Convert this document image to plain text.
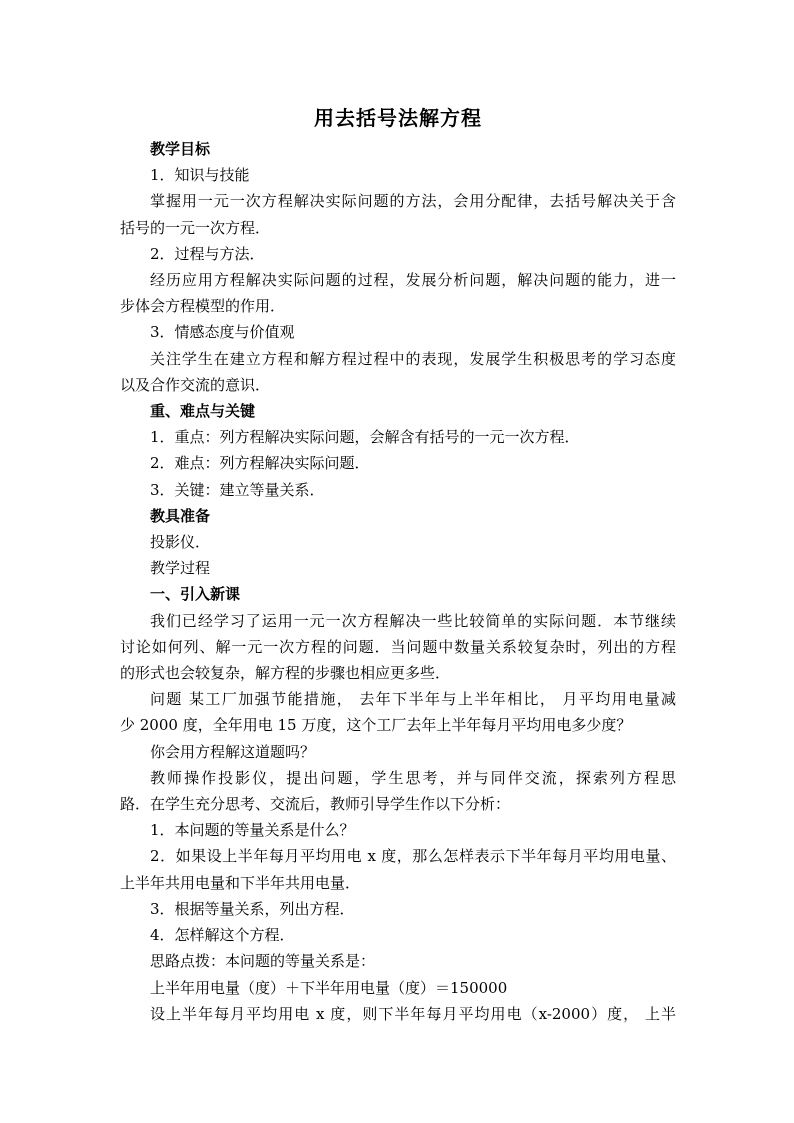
用去括号法解方程

教学目标

1．知识与技能

掌握用一元一次方程解决实际问题的方法，会用分配律，去括号解决关于含

括号的一元一次方程．

2．过程与方法．

经历应用方程解决实际问题的过程，发展分析问题，解决问题的能力，进一

步体会方程模型的作用．

3．情感态度与价值观

关注学生在建立方程和解方程过程中的表现，发展学生积极思考的学习态度

以及合作交流的意识．

重、难点与关键

1．重点：列方程解决实际问题，会解含有括号的一元一次方程．

2．难点：列方程解决实际问题．

3．关键：建立等量关系．

教具准备

投影仪．

教学过程

一、引入新课

我们已经学习了运用一元一次方程解决一些比较简单的实际问题．本节继续

讨论如何列、解一元一次方程的问题．当问题中数量关系较复杂时，列出的方程

的形式也会较复杂，解方程的步骤也相应更多些．

问题 某工厂加强节能措施， 去年下半年与上半年相比， 月平均用电量减

少 2000 度，全年用电 15 万度，这个工厂去年上半年每月平均用电多少度？

你会用方程解这道题吗？

教师操作投影仪，提出问题，学生思考，并与同伴交流，探索列方程思

路．在学生充分思考、交流后，教师引导学生作以下分析：

1．本问题的等量关系是什么？

2．如果设上半年每月平均用电 x 度，那么怎样表示下半年每月平均用电量、

上半年共用电量和下半年共用电量．

3．根据等量关系，列出方程．

4．怎样解这个方程．

思路点拨：本问题的等量关系是：

上半年用电量（度）＋下半年用电量（度）＝150000

设上半年每月平均用电 x 度，则下半年每月平均用电（x-2000）度， 上半
